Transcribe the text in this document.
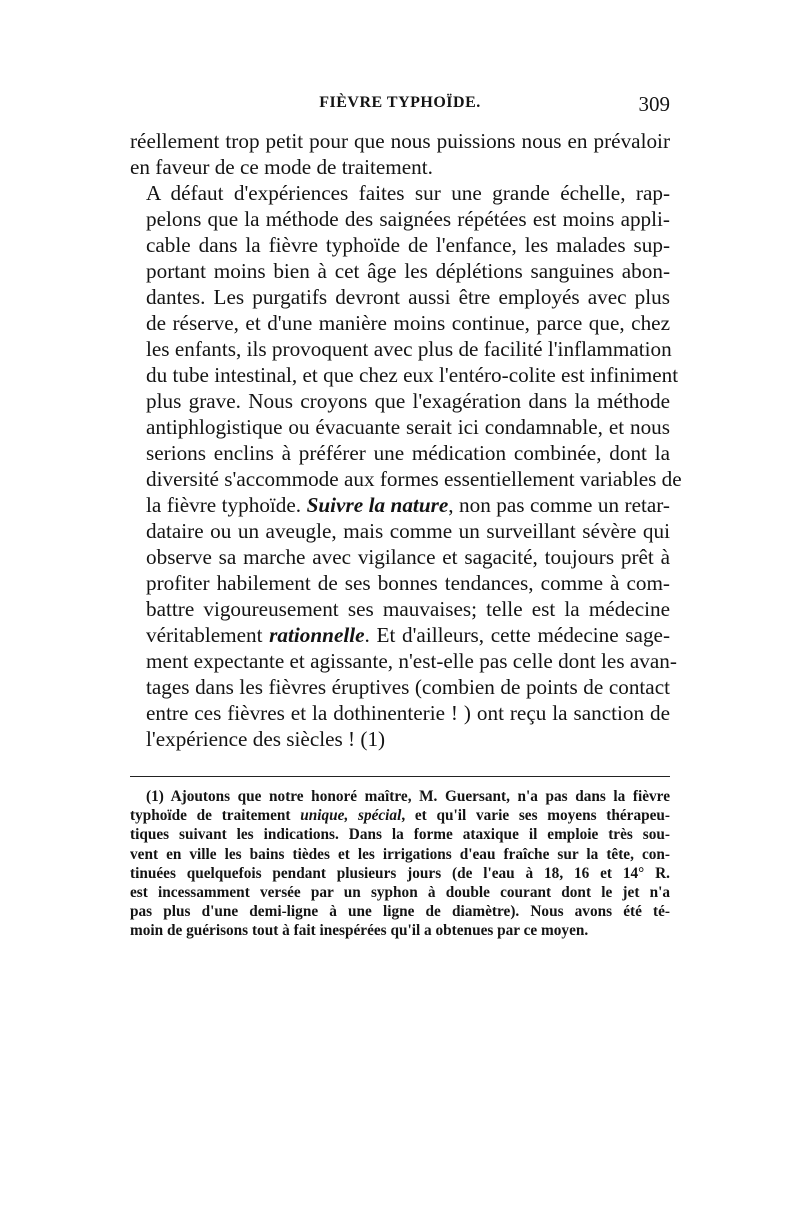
FIÈVRE TYPHOÏDE.	309

réellement trop petit pour que nous puissions nous en prévaloir
en faveur de ce mode de traitement.

A défaut d'expériences faites sur une grande échelle, rap-
pelons que la méthode des saignées répétées est moins appli-
cable dans la fièvre typhoïde de l'enfance, les malades sup-
portant moins bien à cet âge les déplétions sanguines abon-
dantes. Les purgatifs devront aussi être employés avec plus
de réserve, et d'une manière moins continue, parce que, chez
les enfants, ils provoquent avec plus de facilité l'inflammation
du tube intestinal, et que chez eux l'entéro-colite est infiniment
plus grave. Nous croyons que l'exagération dans la méthode
antiphlogistique ou évacuante serait ici condamnable, et nous
serions enclins à préférer une médication combinée, dont la
diversité s'accommode aux formes essentiellement variables de
la fièvre typhoïde. Suivre la nature, non pas comme un retar-
dataire ou un aveugle, mais comme un surveillant sévère qui
observe sa marche avec vigilance et sagacité, toujours prêt à
profiter habilement de ses bonnes tendances, comme à com-
battre vigoureusement ses mauvaises; telle est la médecine
véritablement rationnelle. Et d'ailleurs, cette médecine sage-
ment expectante et agissante, n'est-elle pas celle dont les avan-
tages dans les fièvres éruptives (combien de points de contact
entre ces fièvres et la dothinenterie ! ) ont reçu la sanction de
l'expérience des siècles ! (1)

(1) Ajoutons que notre honoré maître, M. Guersant, n'a pas dans la fièvre
typhoïde de traitement unique, spécial, et qu'il varie ses moyens thérapeu-
tiques suivant les indications. Dans la forme ataxique il emploie très sou-
vent en ville les bains tièdes et les irrigations d'eau fraîche sur la tête, con-
tinuées quelquefois pendant plusieurs jours (de l'eau à 18, 16 et 14° R.
est incessamment versée par un syphon à double courant dont le jet n'a
pas plus d'une demi-ligne à une ligne de diamètre). Nous avons été té-
moin de guérisons tout à fait inespérées qu'il a obtenues par ce moyen.
